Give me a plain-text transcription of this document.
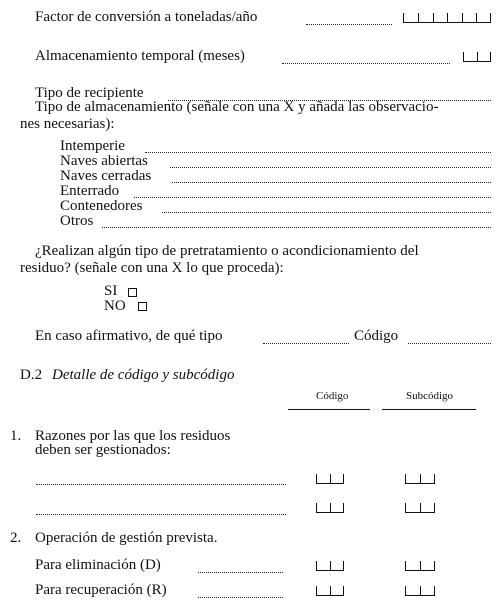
Factor de conversión a toneladas/año
Almacenamiento temporal (meses)
Tipo de recipiente
Tipo de almacenamiento (señale con una X y añada las observacio-
nes necesarias):
Intemperie
Naves abiertas
Naves cerradas
Enterrado
Contenedores
Otros
¿Realizan algún tipo de pretratamiento o acondicionamiento del
residuo? (señale con una X lo que proceda):
SI
NO
En caso afirmativo, de qué tipo	Código
D.2 Detalle de código y subcódigo
Código	Subcódigo
1. Razones por las que los residuos
deben ser gestionados:
2. Operación de gestión prevista.
Para eliminación (D)
Para recuperación (R)
